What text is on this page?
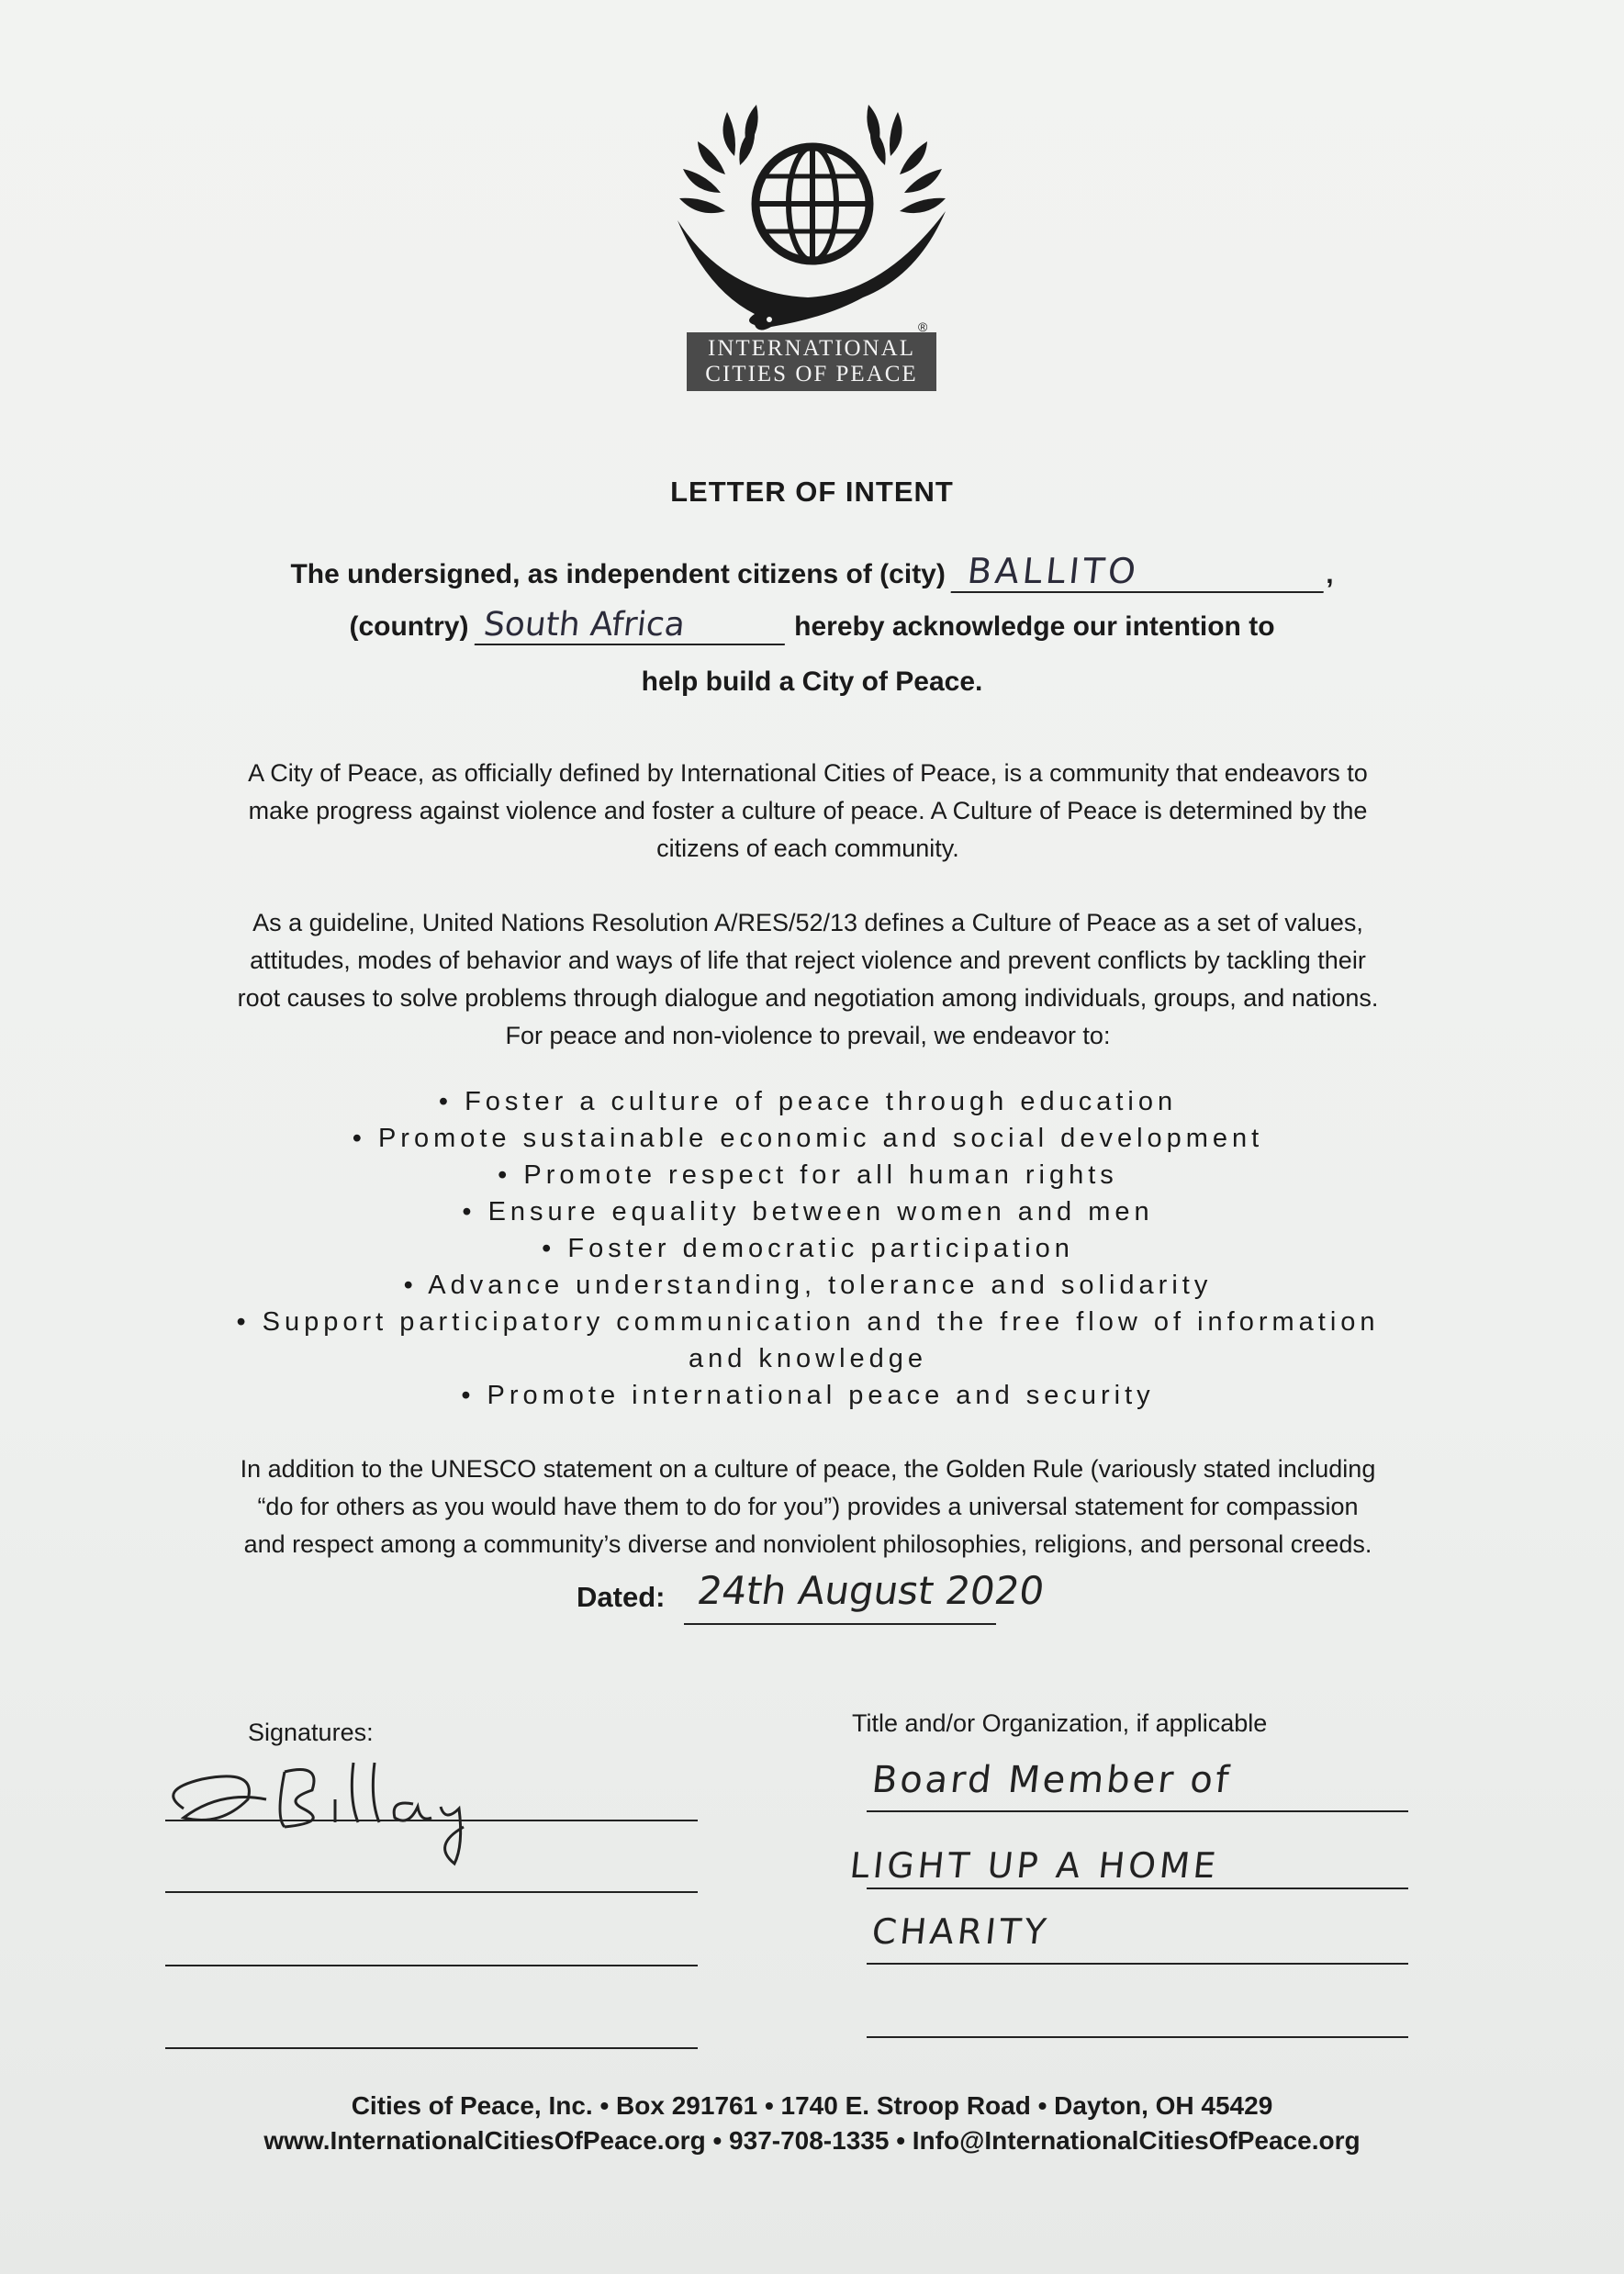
INTERNATIONAL
CITIES OF PEACE
®
LETTER OF INTENT
The undersigned, as independent citizens of (city) BALLITO	,
(country) South Africa	hereby acknowledge our intention to
help build a City of Peace.
A City of Peace, as officially defined by International Cities of Peace, is a community that endeavors to
make progress against violence and foster a culture of peace. A Culture of Peace is determined by the
citizens of each community.
As a guideline, United Nations Resolution A/RES/52/13 defines a Culture of Peace as a set of values,
attitudes, modes of behavior and ways of life that reject violence and prevent conflicts by tackling their
root causes to solve problems through dialogue and negotiation among individuals, groups, and nations.
For peace and non-violence to prevail, we endeavor to:
• Foster a culture of peace through education
• Promote sustainable economic and social development
• Promote respect for all human rights
• Ensure equality between women and men
• Foster democratic participation
• Advance understanding, tolerance and solidarity
• Support participatory communication and the free flow of information and knowledge
• Promote international peace and security
In addition to the UNESCO statement on a culture of peace, the Golden Rule (variously stated including
“do for others as you would have them to do for you”) provides a universal statement for compassion
and respect among a community’s diverse and nonviolent philosophies, religions, and personal creeds.
Dated: 24th August 2020
Signatures:	Title and/or Organization, if applicable
Board Member of
LIGHT UP A HOME
CHARITY
Cities of Peace, Inc. • Box 291761 • 1740 E. Stroop Road • Dayton, OH 45429
www.InternationalCitiesOfPeace.org • 937-708-1335 • Info@InternationalCitiesOfPeace.org
